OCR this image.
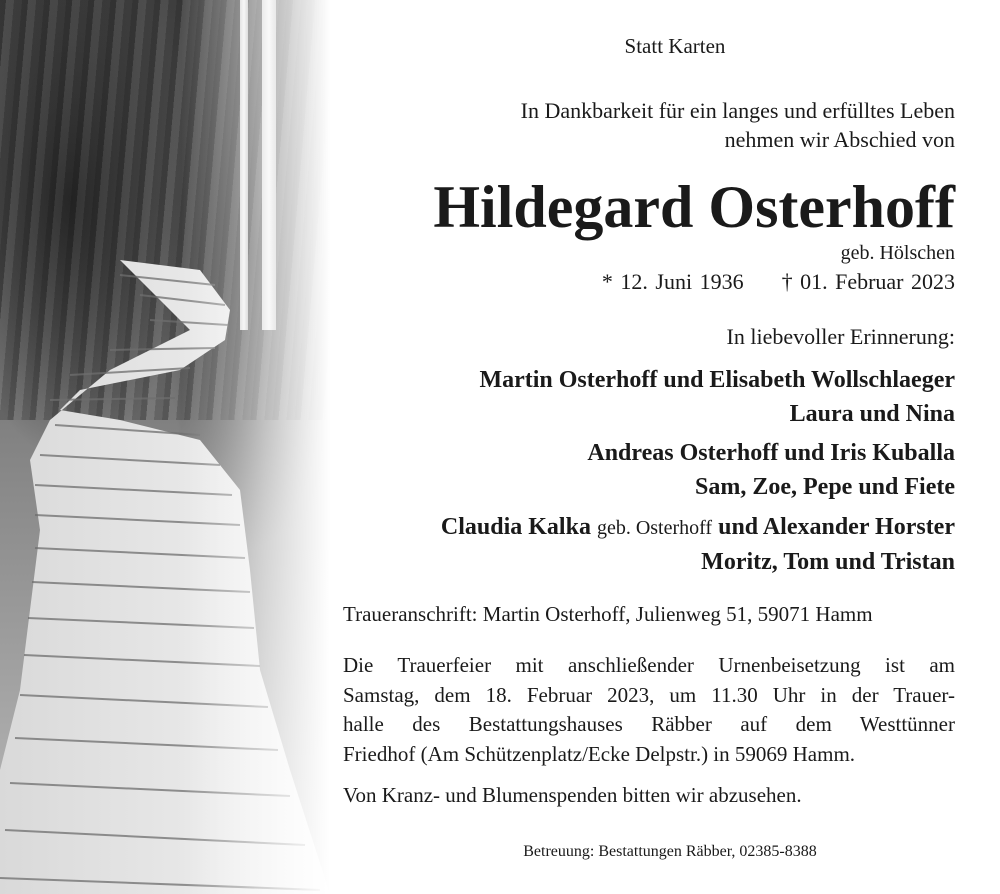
Statt Karten
In Dankbarkeit für ein langes und erfülltes Leben
nehmen wir Abschied von
Hildegard Osterhoff
geb. Hölschen
* 12. Juni 1936 † 01. Februar 2023
In liebevoller Erinnerung:
Martin Osterhoff und Elisabeth Wollschlaeger
Laura und Nina
Andreas Osterhoff und Iris Kuballa
Sam, Zoe, Pepe und Fiete
Claudia Kalka geb. Osterhoff und Alexander Horster
Moritz, Tom und Tristan
Traueranschrift: Martin Osterhoff, Julienweg 51, 59071 Hamm
Die Trauerfeier mit anschließender Urnenbeisetzung ist am
Samstag, dem 18. Februar 2023, um 11.30 Uhr in der Trauer-
halle des Bestattungshauses Räbber auf dem Westtünner
Friedhof (Am Schützenplatz/Ecke Delpstr.) in 59069 Hamm.
Von Kranz- und Blumenspenden bitten wir abzusehen.
Betreuung: Bestattungen Räbber, 02385-8388
